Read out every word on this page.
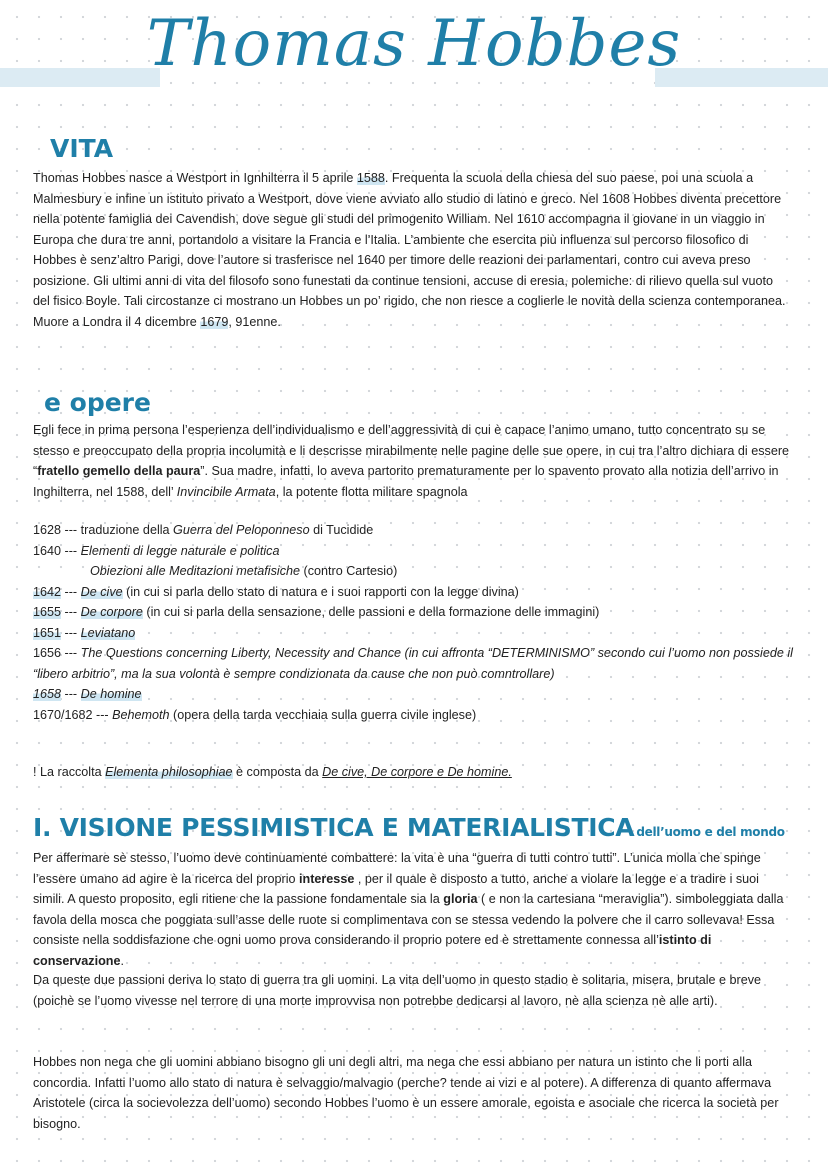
Thomas Hobbes
VITA

Thomas Hobbes nasce a Westport in Ignhilterra il 5 aprile 1588. Frequenta la scuola della chiesa del suo paese, poi una scuola a Malmesbury e infine un istituto privato a Westport, dove viene avviato allo studio di latino e greco. Nel 1608 Hobbes diventa precettore nella potente famiglia dei Cavendish, dove segue gli studi del primogenito William. Nel 1610 accompagna il giovane in un viaggio in Europa che dura tre anni, portandolo a visitare la Francia e l’Italia. L’ambiente che esercita più influenza sul percorso filosofico di Hobbes è senz’altro Parigi, dove l’autore si trasferisce nel 1640 per timore delle reazioni dei parlamentari, contro cui aveva preso posizione. Gli ultimi anni di vita del filosofo sono funestati da continue tensioni, accuse di eresia, polemiche: di rilievo quella sul vuoto del fisico Boyle. Tali circostanze ci mostrano un Hobbes un po’ rigido, che non riesce a coglierle le novità della scienza contemporanea.
Muore a Londra il 4 dicembre 1679, 91enne.

e opere

Egli fece in prima persona l’esperienza dell’individualismo e dell’aggressività di cui è capace l’animo umano, tutto concentrato su se stesso e preoccupato della propria incolumità e li descrisse mirabilmente nelle pagine delle sue opere, in cui tra l’altro dichiara di essere “fratello gemello della paura”. Sua madre, infatti, lo aveva partorito prematuramente per lo spavento provato alla notizia dell’arrivo in Inghilterra, nel 1588, dell’ Invincibile Armata, la potente flotta militare spagnola

1628 --- traduzione della Guerra del Peloponneso di Tucidide
1640 --- Elementi di legge naturale e politica
Obiezioni alle Meditazioni metafisiche (contro Cartesio)
1642 --- De cive (in cui si parla dello stato di natura e i suoi rapporti con la legge divina)
1655 --- De corpore (in cui si parla della sensazione, delle passioni e della formazione delle immagini)
1651 --- Leviatano
1656 --- The Questions concerning Liberty, Necessity and Chance (in cui affronta “DETERMINISMO” secondo cui l’uomo non possiede il “libero arbitrio”, ma la sua volontà è sempre condizionata da cause che non può comntrollare)
1658 --- De homine
1670/1682 --- Behemoth (opera della tarda vecchiaia sulla guerra civile inglese)

! La raccolta Elementa philosophiae è composta da De cive, De corpore e De homine.

I. VISIONE PESSIMISTICA E MATERIALISTICA dell’uomo e del mondo

Per affermare sè stesso, l’uomo deve continuamente combattere: la vita è una “guerra di tutti contro tutti”. L’unica molla che spinge l’essere umano ad agire è la ricerca del proprio interesse , per il quale è disposto a tutto, anche a violare la legge e a tradire i suoi simili. A questo proposito, egli ritiene che la passione fondamentale sia la gloria ( e non la cartesiana “meraviglia”). simboleggiata dalla favola della mosca che poggiata sull’asse delle ruote si complimentava con se stessa vedendo la polvere che il carro sollevava! Essa consiste nella soddisfazione che ogni uomo prova considerando il proprio potere ed è strettamente connessa all’istinto di conservazione.

Da queste due passioni deriva lo stato di guerra tra gli uomini. La vita dell’uomo in questo stadio è solitaria, misera, brutale e breve (poichè se l’uomo vivesse nel terrore di una morte improvvisa non potrebbe dedicarsi al lavoro, nè alla scienza nè alle arti).

Hobbes non nega che gli uomini abbiano bisogno gli uni degli altri, ma nega che essi abbiano per natura un istinto che li porti alla concordia. Infatti l’uomo allo stato di natura è selvaggio/malvagio (perche? tende ai vizi e al potere). A differenza di quanto affermava Aristotele (circa la socievolezza dell’uomo) secondo Hobbes l’uomo è un essere amorale, egoista e asociale che ricerca la società per bisogno.
